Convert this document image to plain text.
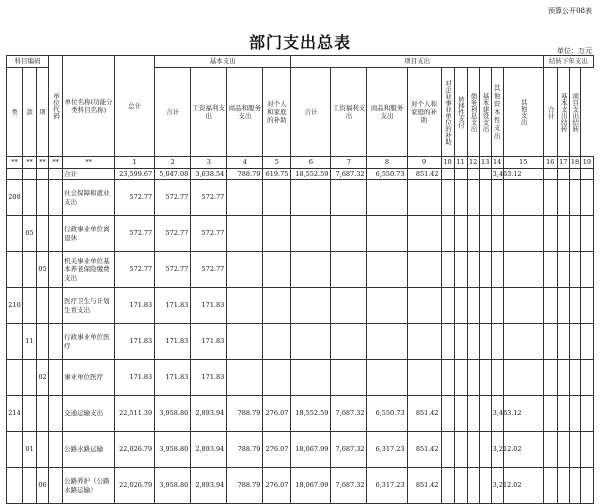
预算公开08表
部门支出总表	单位：万元
科目编码			单位代码	单位名称(功能分类科目名称)	总计	基本支出				项目支出										结转下年支出			
类	款	项				合计	工资福利支出	商品和服务支出	对个人和家庭的补助	合计	工资福利支出	商品和服务支出	对个人和家庭的补助	对企业事业单位的补助	转移性支付	债务利息支出	基本建设支出	其他资本性支出	其他支出	合计	基本支出结转	项目支出结转	

**	**	**	**	**	1	2	3	4	5	6	7	8	9	10	11	12	13	14	15	16	17	18	19
				合计	23,599.67	5,047.08	3,638.54	788.79	619.75	18,552.59	7,687.32	6,550.73	851.42					3,463.12					
208				社会保障和就业支出	572.77	572.77	572.77																
	05			行政事业单位离退休	572.77	572.77	572.77																
		05		机关事业单位基本养老保险缴费支出	572.77	572.77	572.77																
210				医疗卫生与计划生育支出	171.83	171.83	171.83																
	11			行政事业单位医疗	171.83	171.83	171.83																
		02		事业单位医疗	171.83	171.83	171.83																
214				交通运输支出	22,511.39	3,958.80	2,893.94	788.79	276.07	18,552.59	7,687.32	6,550.73	851.42					3,463.12					
	01			公路水路运输	22,026.79	3,958.80	2,893.94	788.79	276.07	18,067.99	7,687.32	6,317.23	851.42					3,212.02					
		06		公路养护（公路水路运输）	22,026.79	3,958.80	2,893.94	788.79	276.07	18,067.99	7,687.32	6,317.23	851.42					3,212.02					
